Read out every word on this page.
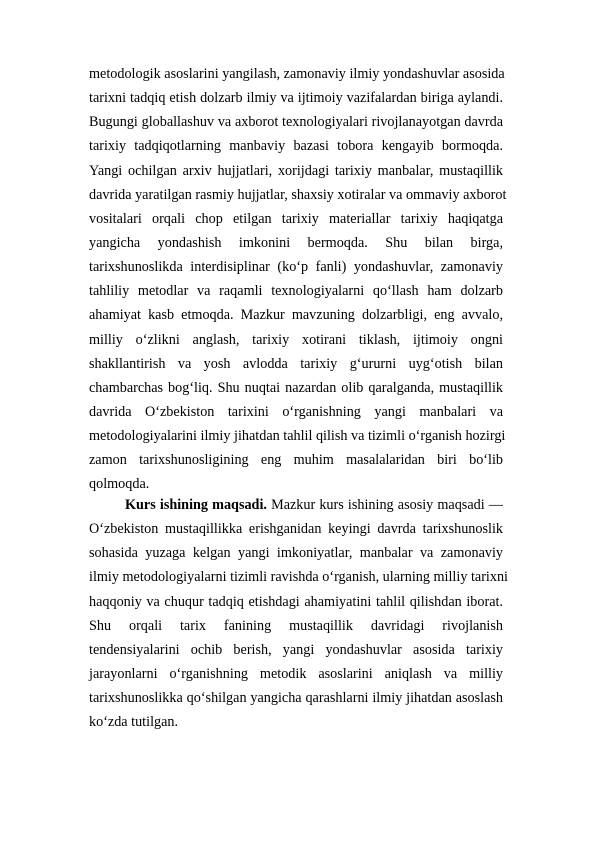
metodologik asoslarini yangilash, zamonaviy ilmiy yondashuvlar asosida
tarixni tadqiq etish dolzarb ilmiy va ijtimoiy vazifalardan biriga aylandi.
Bugungi globallashuv va axborot texnologiyalari rivojlanayotgan davrda
tarixiy tadqiqotlarning manbaviy bazasi tobora kengayib bormoqda.
Yangi ochilgan arxiv hujjatlari, xorijdagi tarixiy manbalar, mustaqillik
davrida yaratilgan rasmiy hujjatlar, shaxsiy xotiralar va ommaviy axborot
vositalari orqali chop etilgan tarixiy materiallar tarixiy haqiqatga
yangicha yondashish imkonini bermoqda. Shu bilan birga,
tarixshunoslikda interdisiplinar (ko‘p fanli) yondashuvlar, zamonaviy
tahliliy metodlar va raqamli texnologiyalarni qo‘llash ham dolzarb
ahamiyat kasb etmoqda. Mazkur mavzuning dolzarbligi, eng avvalo,
milliy o‘zlikni anglash, tarixiy xotirani tiklash, ijtimoiy ongni
shakllantirish va yosh avlodda tarixiy g‘ururni uyg‘otish bilan
chambarchas bog‘liq. Shu nuqtai nazardan olib qaralganda, mustaqillik
davrida O‘zbekiston tarixini o‘rganishning yangi manbalari va
metodologiyalarini ilmiy jihatdan tahlil qilish va tizimli o‘rganish hozirgi
zamon tarixshunosligining eng muhim masalalaridan biri bo‘lib
qolmoqda.
Kurs ishining maqsadi. Mazkur kurs ishining asosiy maqsadi —
O‘zbekiston mustaqillikka erishganidan keyingi davrda tarixshunoslik
sohasida yuzaga kelgan yangi imkoniyatlar, manbalar va zamonaviy
ilmiy metodologiyalarni tizimli ravishda o‘rganish, ularning milliy tarixni
haqqoniy va chuqur tadqiq etishdagi ahamiyatini tahlil qilishdan iborat.
Shu orqali tarix fanining mustaqillik davridagi rivojlanish
tendensiyalarini ochib berish, yangi yondashuvlar asosida tarixiy
jarayonlarni o‘rganishning metodik asoslarini aniqlash va milliy
tarixshunoslikka qo‘shilgan yangicha qarashlarni ilmiy jihatdan asoslash
ko‘zda tutilgan.
